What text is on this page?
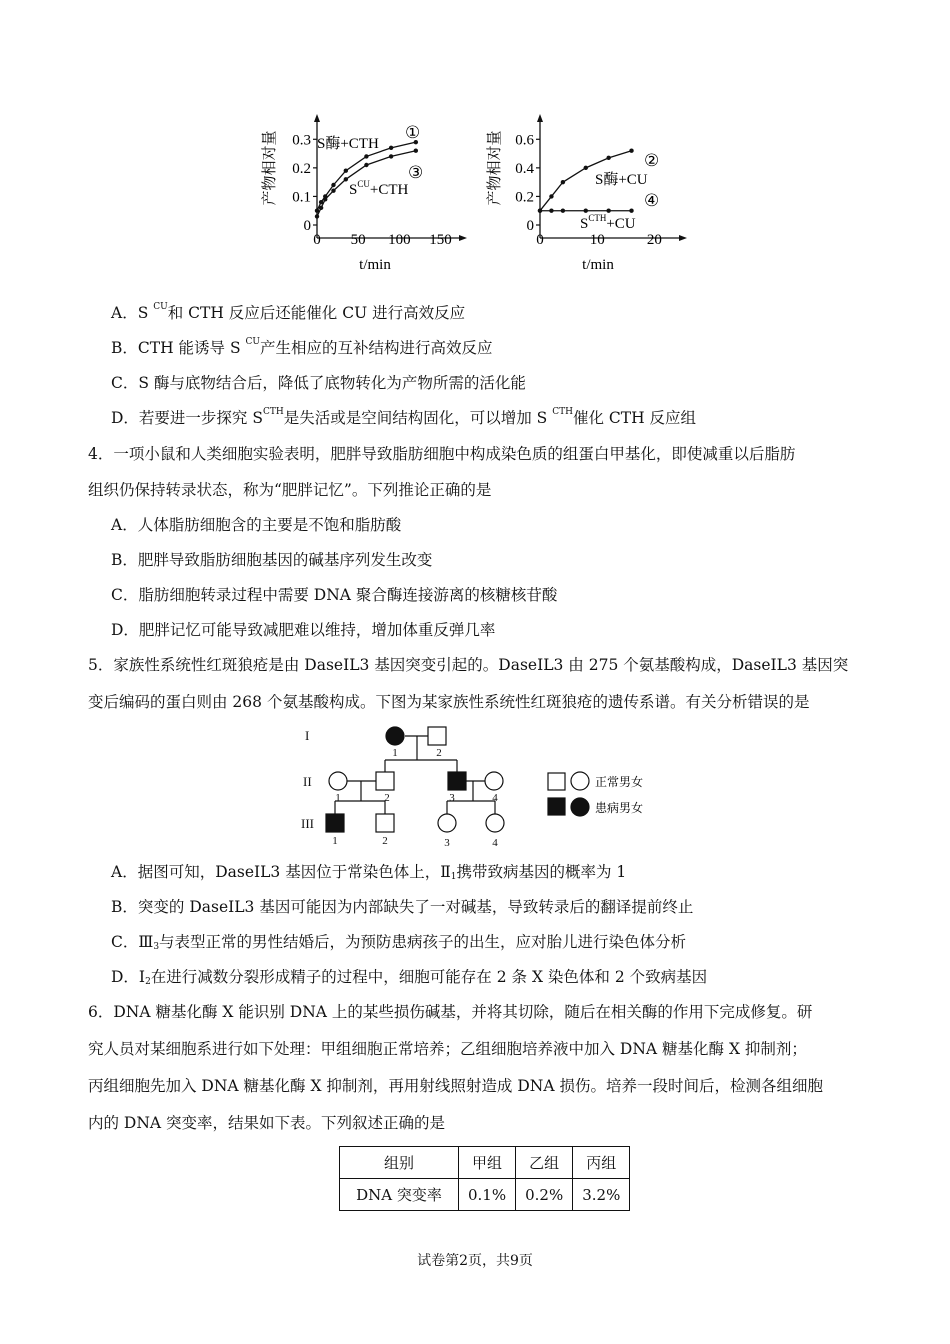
产物相对量
0
0.1
0.2
0.3
0 50 100 150
t/min
S酶+CTH
$S^{CU}+CTH$
①
③	产物相对量
0
0.2
0.4
0.6
0	10	20
t/min
S酶+CU
$S^{CTH}+CU$
②
④
A．S $^{CU}$和 CTH 反应后还能催化 CU 进行高效反应
B．CTH 能诱导 S $^{CU}$产生相应的互补结构进行高效反应
C．S 酶与底物结合后，降低了底物转化为产物所需的活化能
D．若要进一步探究 $S^{CTH}$是失活或是空间结构固化，可以增加 S $^{CTH}$催化 CTH 反应组
4．一项小鼠和人类细胞实验表明，肥胖导致脂肪细胞中构成染色质的组蛋白甲基化，即使减重以后脂肪
组织仍保持转录状态，称为“肥胖记忆”。下列推论正确的是
A．人体脂肪细胞含的主要是不饱和脂肪酸
B．肥胖导致脂肪细胞基因的碱基序列发生改变
C．脂肪细胞转录过程中需要 DNA 聚合酶连接游离的核糖核苷酸
D．肥胖记忆可能导致减肥难以维持，增加体重反弹几率
5．家族性系统性红斑狼疮是由 DaseIL3 基因突变引起的。DaseIL3 由 275 个氨基酸构成，DaseIL3 基因突
变后编码的蛋白则由 268 个氨基酸构成。下图为某家族性系统性红斑狼疮的遗传系谱。有关分析错误的是
I
II
III
1	2
1	2	3	4
1	2	3	4
正常男女
患病男女
A．据图可知，DaseIL3 基因位于常染色体上，Ⅱ1携带致病基因的概率为 1
B．突变的 DaseIL3 基因可能因为内部缺失了一对碱基，导致转录后的翻译提前终止
C．Ⅲ3与表型正常的男性结婚后，为预防患病孩子的出生，应对胎儿进行染色体分析
D．I2在进行减数分裂形成精子的过程中，细胞可能存在 2 条 X 染色体和 2 个致病基因
6．DNA 糖基化酶 X 能识别 DNA 上的某些损伤碱基，并将其切除，随后在相关酶的作用下完成修复。研
究人员对某细胞系进行如下处理：甲组细胞正常培养；乙组细胞培养液中加入 DNA 糖基化酶 X 抑制剂；
丙组细胞先加入 DNA 糖基化酶 X 抑制剂，再用射线照射造成 DNA 损伤。培养一段时间后，检测各组细胞
内的 DNA 突变率，结果如下表。下列叙述正确的是
组别	甲组	乙组	丙组
DNA 突变率	0.1%	0.2%	3.2%
试卷第2页，共9页
